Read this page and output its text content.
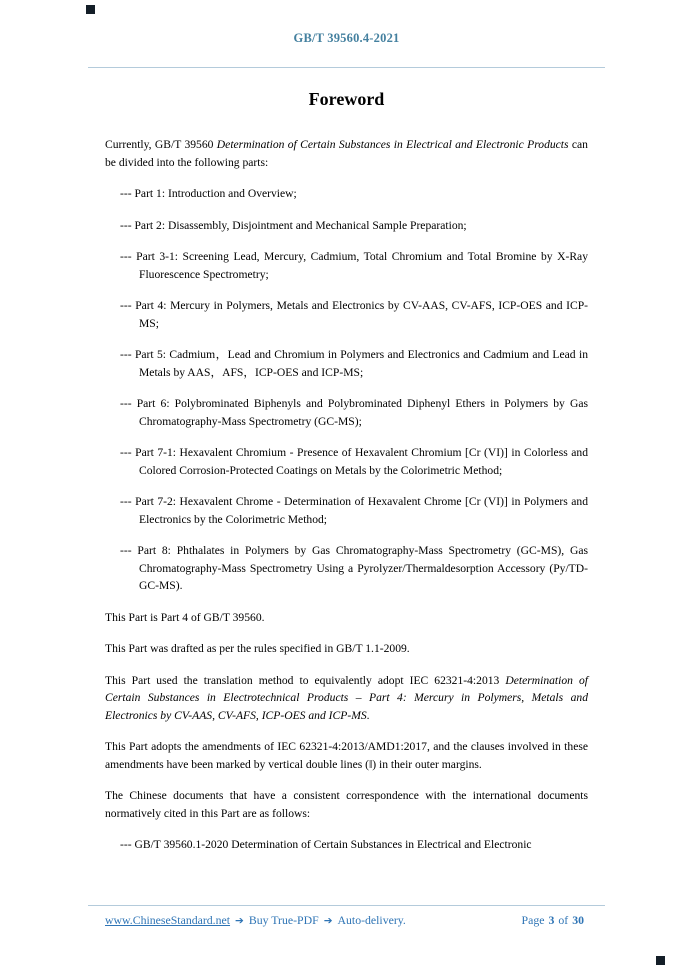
GB/T 39560.4-2021
Foreword

Currently, GB/T 39560 Determination of Certain Substances in Electrical and Electronic Products can be divided into the following parts:

--- Part 1: Introduction and Overview;
--- Part 2: Disassembly, Disjointment and Mechanical Sample Preparation;
--- Part 3-1: Screening Lead, Mercury, Cadmium, Total Chromium and Total Bromine by X-Ray Fluorescence Spectrometry;
--- Part 4: Mercury in Polymers, Metals and Electronics by CV-AAS, CV-AFS, ICP-OES and ICP-MS;
--- Part 5: Cadmium，Lead and Chromium in Polymers and Electronics and Cadmium and Lead in Metals by AAS，AFS，ICP-OES and ICP-MS;
--- Part 6: Polybrominated Biphenyls and Polybrominated Diphenyl Ethers in Polymers by Gas Chromatography-Mass Spectrometry (GC-MS);
--- Part 7-1: Hexavalent Chromium - Presence of Hexavalent Chromium [Cr (VI)] in Colorless and Colored Corrosion-Protected Coatings on Metals by the Colorimetric Method;
--- Part 7-2: Hexavalent Chrome - Determination of Hexavalent Chrome [Cr (VI)] in Polymers and Electronics by the Colorimetric Method;
--- Part 8: Phthalates in Polymers by Gas Chromatography-Mass Spectrometry (GC-MS), Gas Chromatography-Mass Spectrometry Using a Pyrolyzer/Thermaldesorption Accessory (Py/TD-GC-MS).

This Part is Part 4 of GB/T 39560.

This Part was drafted as per the rules specified in GB/T 1.1-2009.

This Part used the translation method to equivalently adopt IEC 62321-4:2013 Determination of Certain Substances in Electrotechnical Products – Part 4: Mercury in Polymers, Metals and Electronics by CV-AAS, CV-AFS, ICP-OES and ICP-MS.

This Part adopts the amendments of IEC 62321-4:2013/AMD1:2017, and the clauses involved in these amendments have been marked by vertical double lines (‖) in their outer margins.

The Chinese documents that have a consistent correspondence with the international documents normatively cited in this Part are as follows:

--- GB/T 39560.1-2020 Determination of Certain Substances in Electrical and Electronic
www.ChineseStandard.net ➔ Buy True-PDF ➔ Auto-delivery.	Page 3 of 30
